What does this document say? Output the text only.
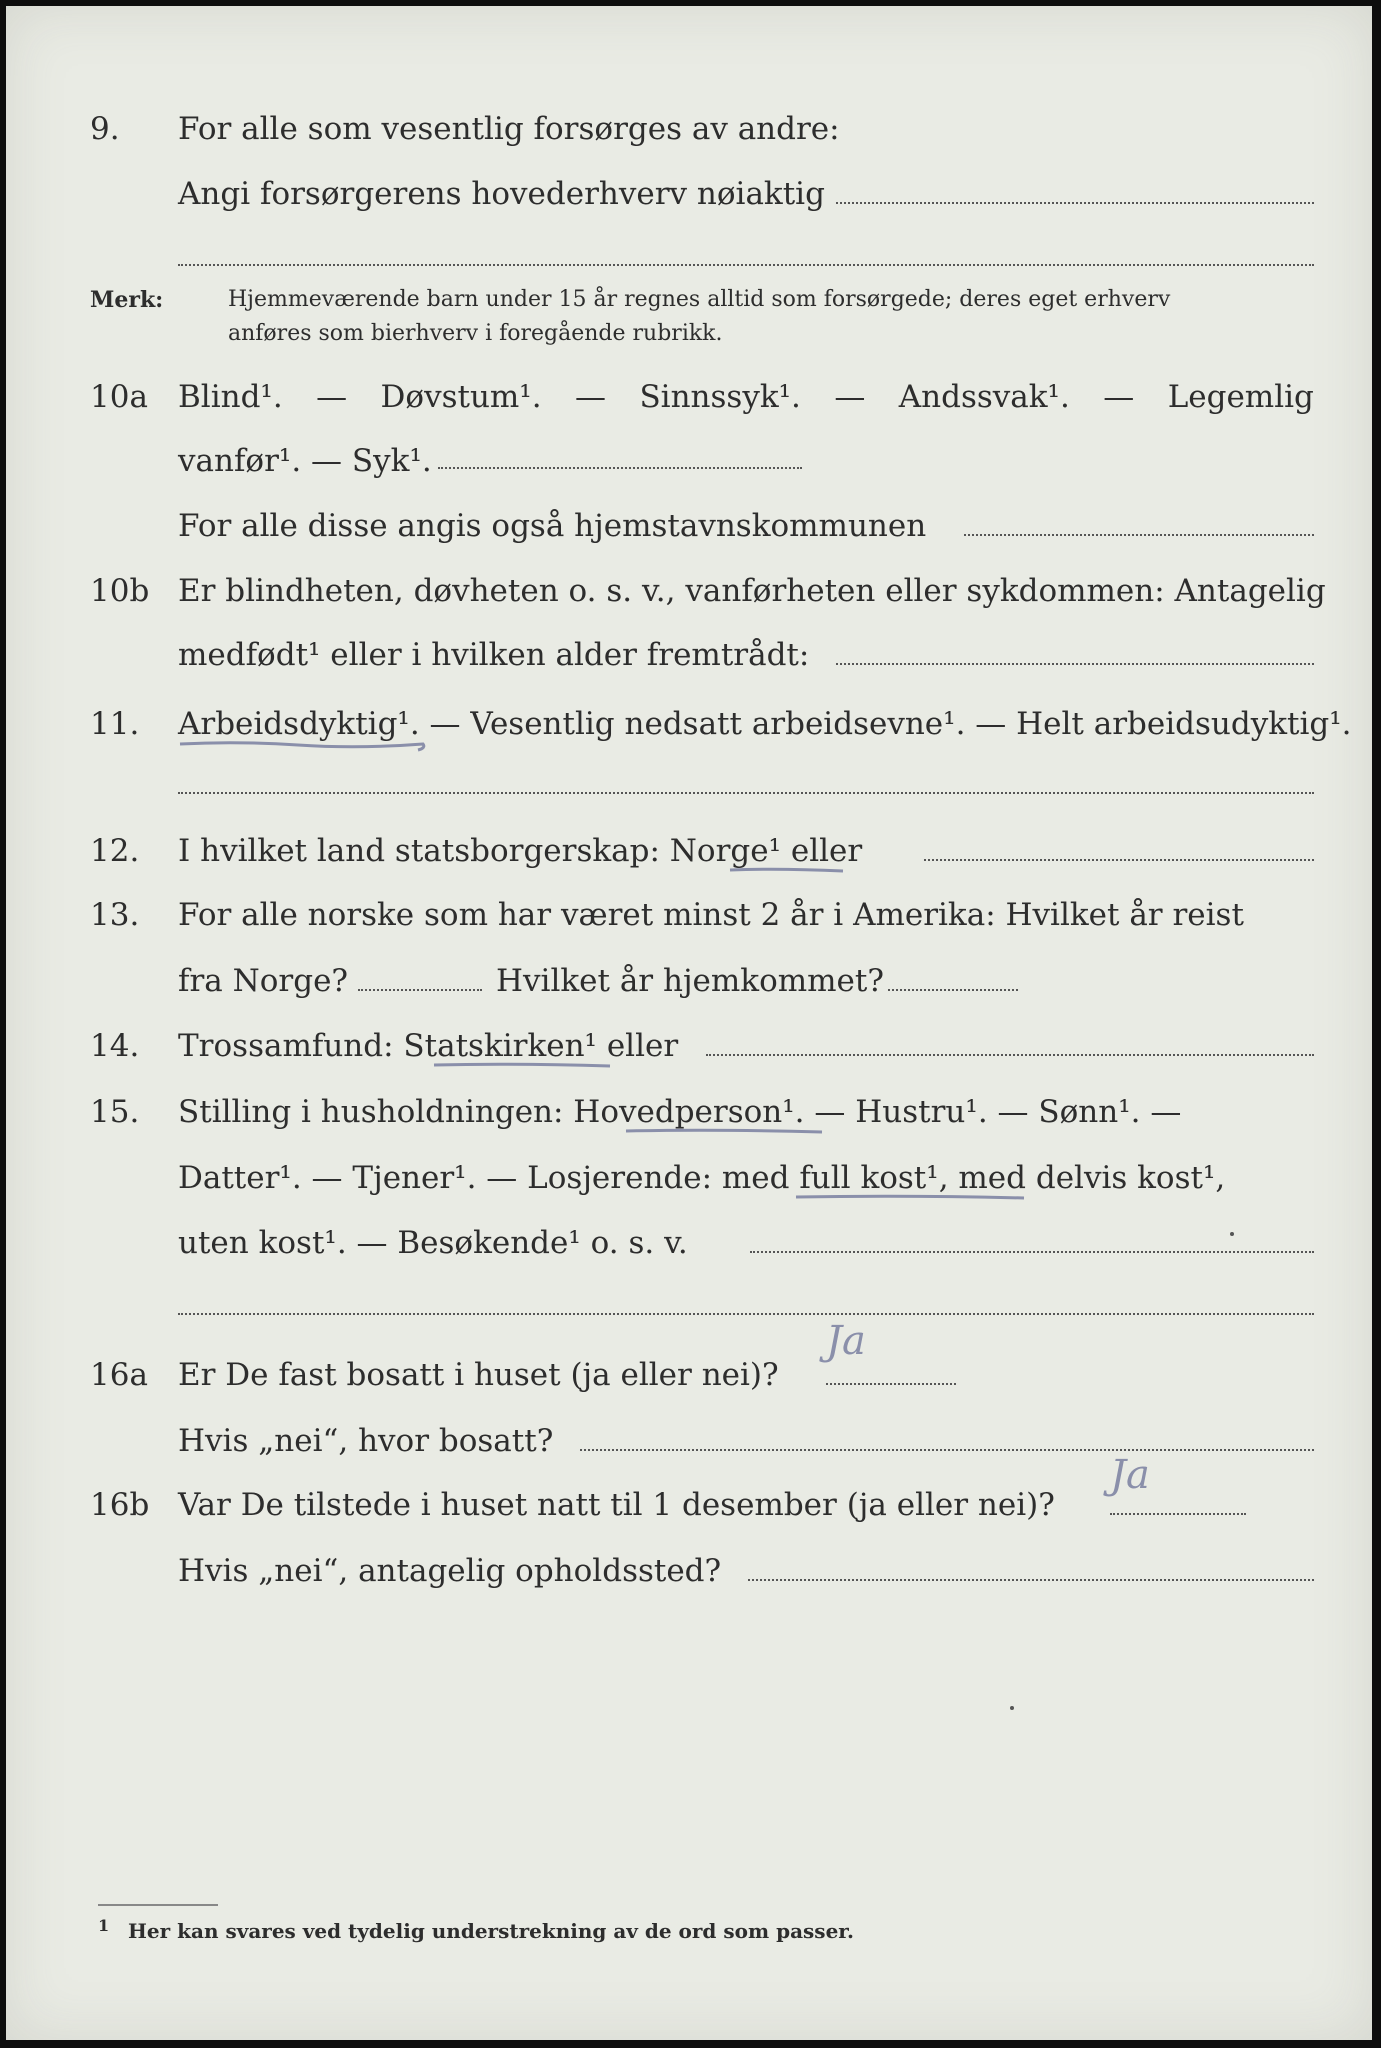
9. For alle som vesentlig forsørges av andre:
Angi forsørgerens hovederhverv nøiaktig
Merk:	Hjemmeværende barn under 15 år regnes alltid som forsørgede; deres eget erhverv
anføres som bierhverv i foregående rubrikk.
10a Blind¹. — Døvstum¹. — Sinnssyk¹. — Andssvak¹. — Legemlig
vanfør¹. — Syk¹.
For alle disse angis også hjemstavnskommunen
10b Er blindheten, døvheten o. s. v., vanførheten eller sykdommen: Antagelig
medfødt¹ eller i hvilken alder fremtrådt:
11. Arbeidsdyktig¹. — Vesentlig nedsatt arbeidsevne¹. — Helt arbeidsudyktig¹.
12. I hvilket land statsborgerskap: Norge¹ eller
13. For alle norske som har været minst 2 år i Amerika: Hvilket år reist
fra Norge?	Hvilket år hjemkommet?
14. Trossamfund: Statskirken¹ eller
15. Stilling i husholdningen: Hovedperson¹. — Hustru¹. — Sønn¹. —
Datter¹. — Tjener¹. — Losjerende: med full kost¹, med delvis kost¹,
uten kost¹. — Besøkende¹ o. s. v.
16a Er De fast bosatt i huset (ja eller nei)?
Ja
Hvis „nei“, hvor bosatt?
16b Var De tilstede i huset natt til 1 desember (ja eller nei)?
Ja
Hvis „nei“, antagelig opholdssted?
1 Her kan svares ved tydelig understrekning av de ord som passer.
